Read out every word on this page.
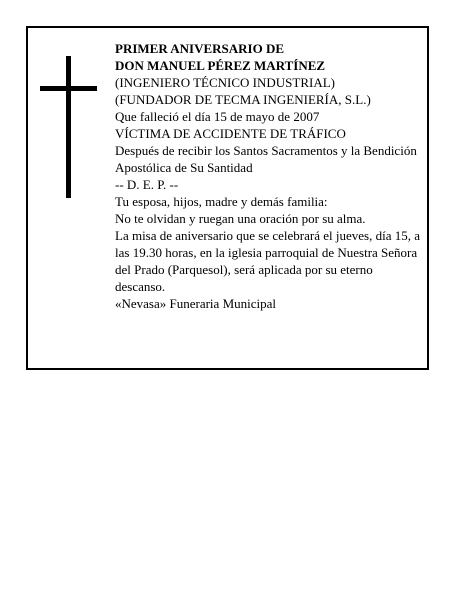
PRIMER ANIVERSARIO DE
DON MANUEL PÉREZ MARTÍNEZ
(INGENIERO TÉCNICO INDUSTRIAL)
(FUNDADOR DE TECMA INGENIERÍA, S.L.)
Que falleció el día 15 de mayo de 2007
VÍCTIMA DE ACCIDENTE DE TRÁFICO
Después de recibir los Santos Sacramentos y la Bendición Apostólica de Su Santidad
-- D. E. P. --
Tu esposa, hijos, madre y demás familia:
No te olvidan y ruegan una oración por su alma.
La misa de aniversario que se celebrará el jueves, día 15, a las 19.30 horas, en la iglesia parroquial de Nuestra Señora del Prado (Parquesol), será aplicada por su eterno descanso.
«Nevasa» Funeraria Municipal
